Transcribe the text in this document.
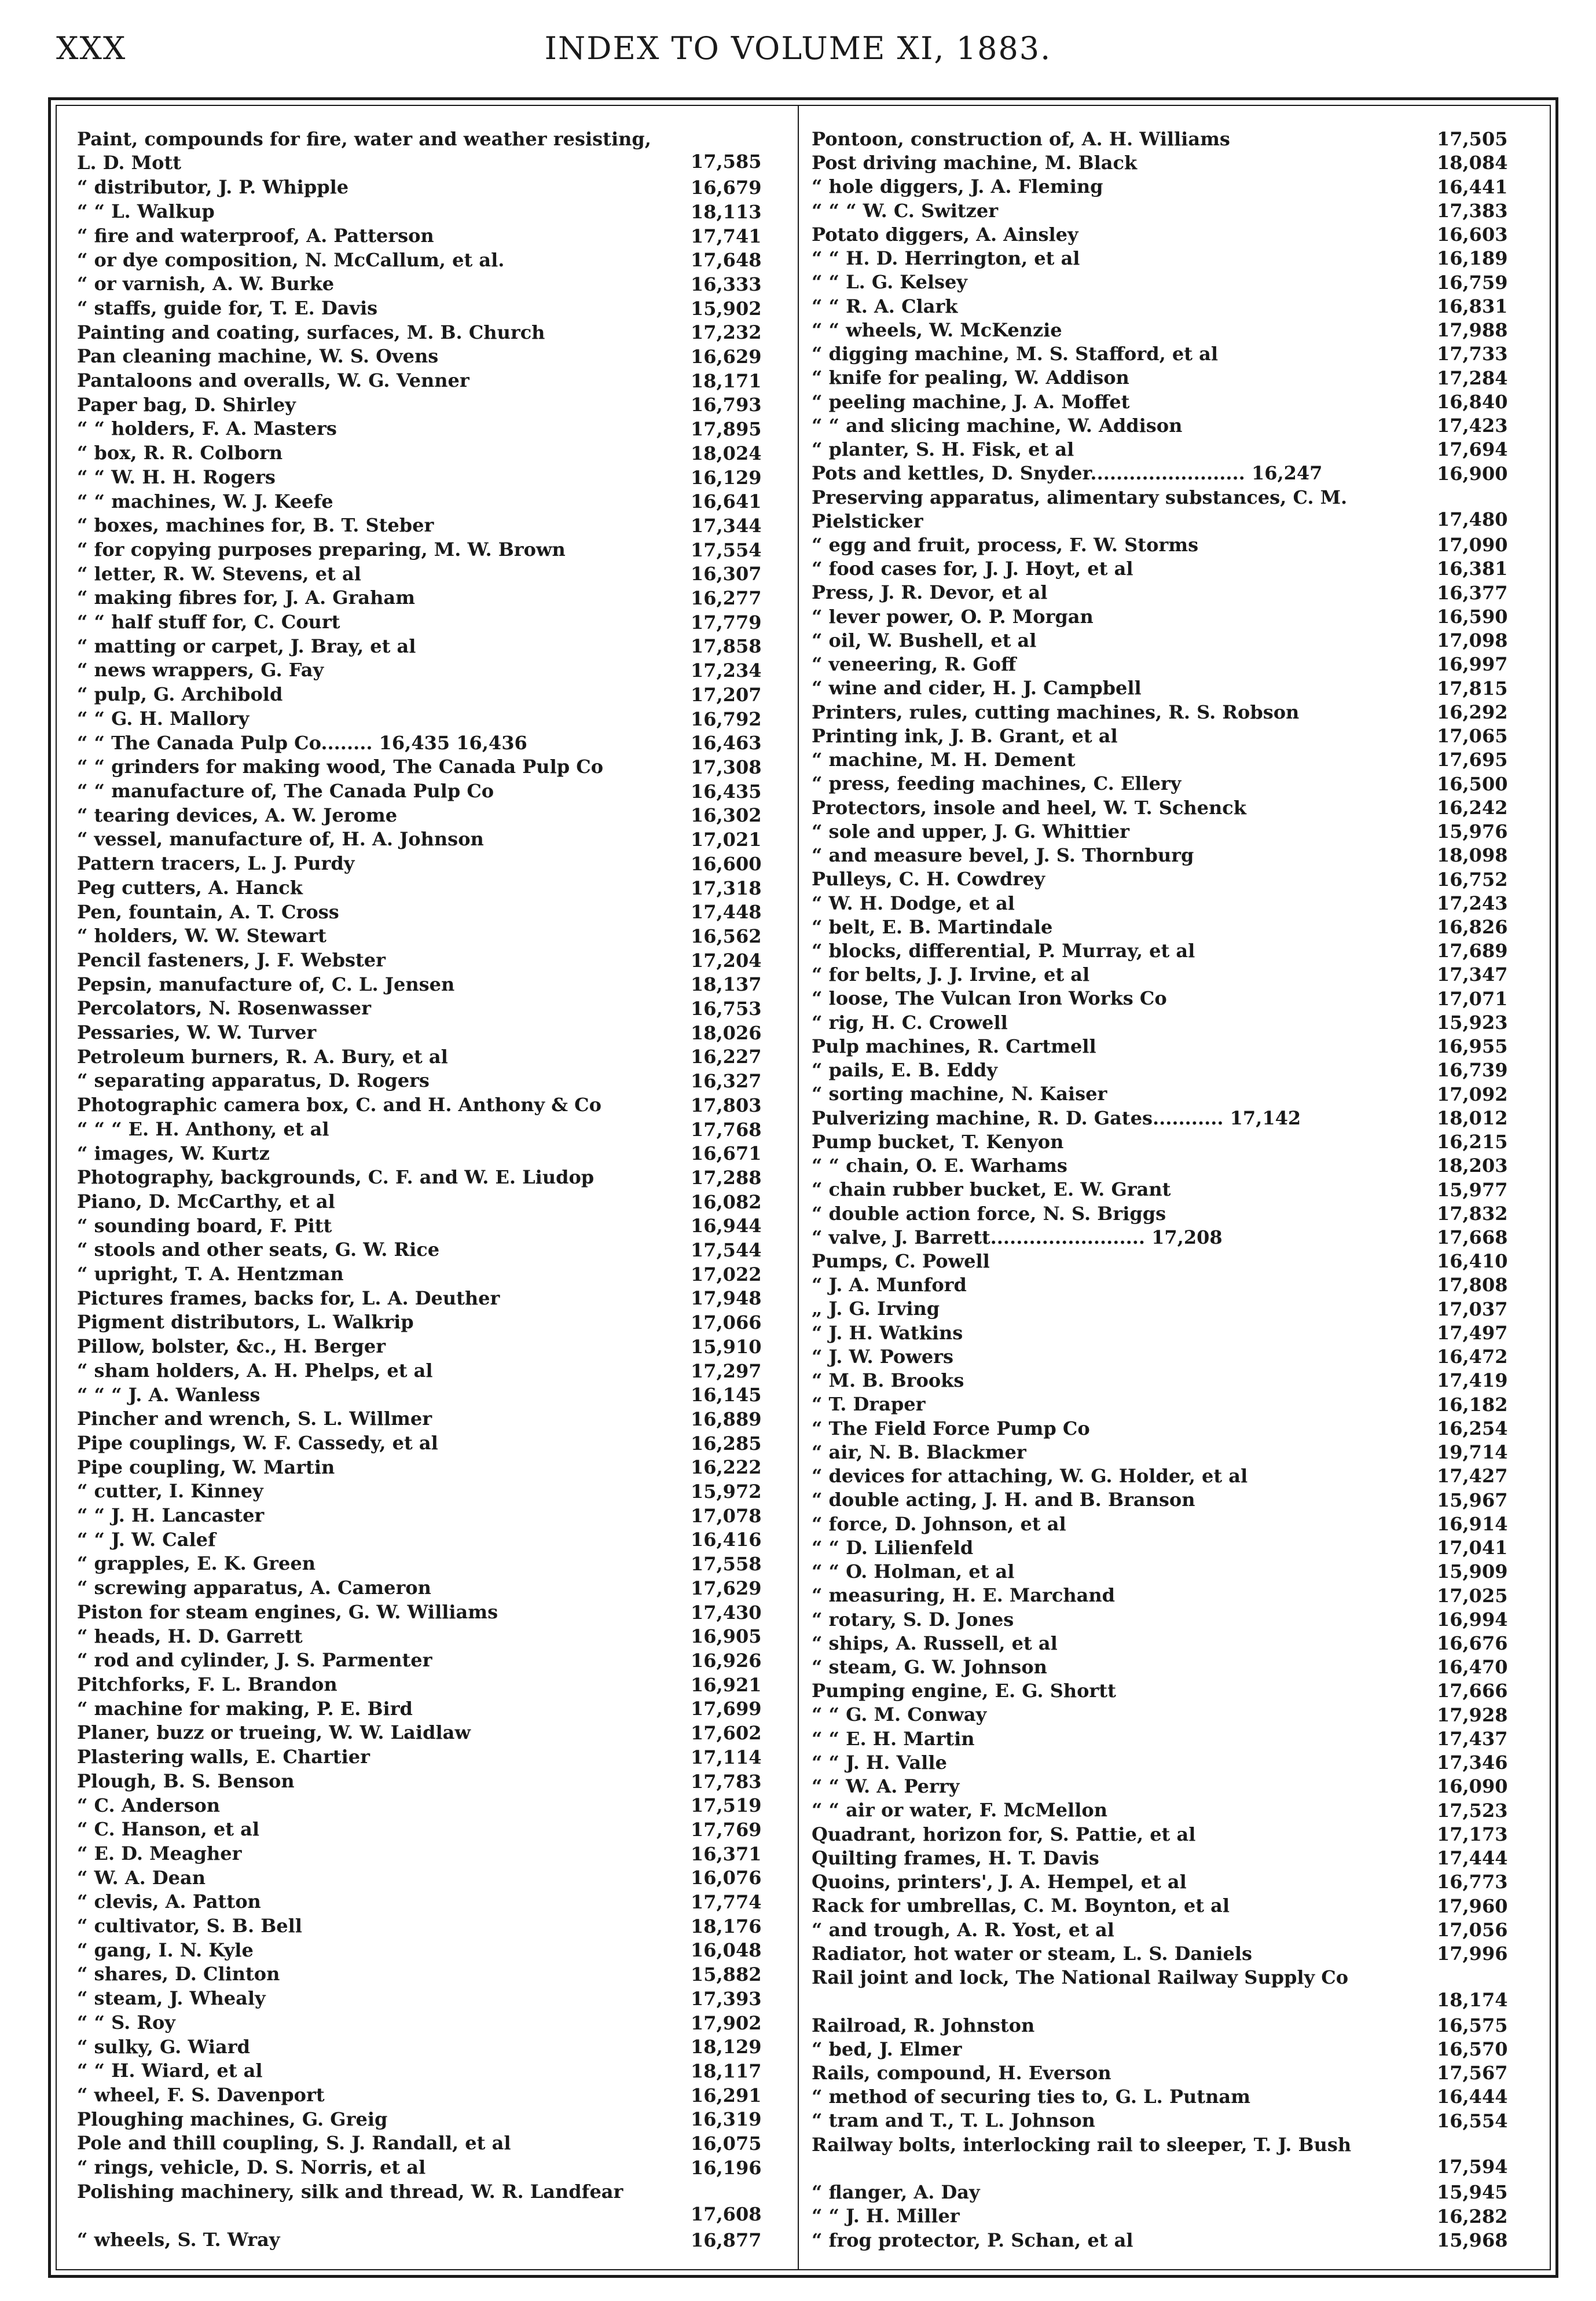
XXX	INDEX TO VOLUME XI, 1883.
Paint, compounds for fire, water and weather resisting, L. D. Mott	17,585
“ distributor, J. P. Whipple	16,679
“ “ L. Walkup	18,113
“ fire and waterproof, A. Patterson	17,741
“ or dye composition, N. McCallum, et al.	17,648
“ or varnish, A. W. Burke	16,333
“ staffs, guide for, T. E. Davis	15,902
Painting and coating, surfaces, M. B. Church	17,232
Pan cleaning machine, W. S. Ovens	16,629
Pantaloons and overalls, W. G. Venner	18,171
Paper bag, D. Shirley	16,793
“ “ holders, F. A. Masters	17,895
“ box, R. R. Colborn	18,024
“ “ W. H. H. Rogers	16,129
“ “ machines, W. J. Keefe	16,641
“ boxes, machines for, B. T. Steber	17,344
“ for copying purposes preparing, M. W. Brown	17,554
“ letter, R. W. Stevens, et al	16,307
“ making fibres for, J. A. Graham	16,277
“ “ half stuff for, C. Court	17,779
“ matting or carpet, J. Bray, et al	17,858
“ news wrappers, G. Fay	17,234
“ pulp, G. Archibold	17,207
“ “ G. H. Mallory	16,792
“ “ The Canada Pulp Co........ 16,435 16,436	16,463
“ “ grinders for making wood, The Canada Pulp Co	17,308
“ “ manufacture of, The Canada Pulp Co	16,435
“ tearing devices, A. W. Jerome	16,302
“ vessel, manufacture of, H. A. Johnson	17,021
Pattern tracers, L. J. Purdy	16,600
Peg cutters, A. Hanck	17,318
Pen, fountain, A. T. Cross	17,448
“ holders, W. W. Stewart	16,562
Pencil fasteners, J. F. Webster	17,204
Pepsin, manufacture of, C. L. Jensen	18,137
Percolators, N. Rosenwasser	16,753
Pessaries, W. W. Turver	18,026
Petroleum burners, R. A. Bury, et al	16,227
“ separating apparatus, D. Rogers	16,327
Photographic camera box, C. and H. Anthony & Co	17,803
“ “ “ E. H. Anthony, et al	17,768
“ images, W. Kurtz	16,671
Photography, backgrounds, C. F. and W. E. Liudop	17,288
Piano, D. McCarthy, et al	16,082
“ sounding board, F. Pitt	16,944
“ stools and other seats, G. W. Rice	17,544
“ upright, T. A. Hentzman	17,022
Pictures frames, backs for, L. A. Deuther	17,948
Pigment distributors, L. Walkrip	17,066
Pillow, bolster, &c., H. Berger	15,910
“ sham holders, A. H. Phelps, et al	17,297
“ “ “ J. A. Wanless	16,145
Pincher and wrench, S. L. Willmer	16,889
Pipe couplings, W. F. Cassedy, et al	16,285
Pipe coupling, W. Martin	16,222
“ cutter, I. Kinney	15,972
“ “ J. H. Lancaster	17,078
“ “ J. W. Calef	16,416
“ grapples, E. K. Green	17,558
“ screwing apparatus, A. Cameron	17,629
Piston for steam engines, G. W. Williams	17,430
“ heads, H. D. Garrett	16,905
“ rod and cylinder, J. S. Parmenter	16,926
Pitchforks, F. L. Brandon	16,921
“ machine for making, P. E. Bird	17,699
Planer, buzz or trueing, W. W. Laidlaw	17,602
Plastering walls, E. Chartier	17,114
Plough, B. S. Benson	17,783
“ C. Anderson	17,519
“ C. Hanson, et al	17,769
“ E. D. Meagher	16,371
“ W. A. Dean	16,076
“ clevis, A. Patton	17,774
“ cultivator, S. B. Bell	18,176
“ gang, I. N. Kyle	16,048
“ shares, D. Clinton	15,882
“ steam, J. Whealy	17,393
“ “ S. Roy	17,902
“ sulky, G. Wiard	18,129
“ “ H. Wiard, et al	18,117
“ wheel, F. S. Davenport	16,291
Ploughing machines, G. Greig	16,319
Pole and thill coupling, S. J. Randall, et al	16,075
“ rings, vehicle, D. S. Norris, et al	16,196
Polishing machinery, silk and thread, W. R. Landfear
17,608
“ wheels, S. T. Wray	16,877
Pontoon, construction of, A. H. Williams	17,505
Post driving machine, M. Black	18,084
“ hole diggers, J. A. Fleming	16,441
“ “ “ W. C. Switzer	17,383
Potato diggers, A. Ainsley	16,603
“ “ H. D. Herrington, et al	16,189
“ “ L. G. Kelsey	16,759
“ “ R. A. Clark	16,831
“ “ wheels, W. McKenzie	17,988
“ digging machine, M. S. Stafford, et al	17,733
“ knife for pealing, W. Addison	17,284
“ peeling machine, J. A. Moffet	16,840
“ “ and slicing machine, W. Addison	17,423
“ planter, S. H. Fisk, et al	17,694
Pots and kettles, D. Snyder........................ 16,247	16,900
Preserving apparatus, alimentary substances, C. M. Pielsticker	17,480
“ egg and fruit, process, F. W. Storms	17,090
“ food cases for, J. J. Hoyt, et al	16,381
Press, J. R. Devor, et al	16,377
“ lever power, O. P. Morgan	16,590
“ oil, W. Bushell, et al	17,098
“ veneering, R. Goff	16,997
“ wine and cider, H. J. Campbell	17,815
Printers, rules, cutting machines, R. S. Robson	16,292
Printing ink, J. B. Grant, et al	17,065
“ machine, M. H. Dement	17,695
“ press, feeding machines, C. Ellery	16,500
Protectors, insole and heel, W. T. Schenck	16,242
“ sole and upper, J. G. Whittier	15,976
“ and measure bevel, J. S. Thornburg	18,098
Pulleys, C. H. Cowdrey	16,752
“ W. H. Dodge, et al	17,243
“ belt, E. B. Martindale	16,826
“ blocks, differential, P. Murray, et al	17,689
“ for belts, J. J. Irvine, et al	17,347
“ loose, The Vulcan Iron Works Co	17,071
“ rig, H. C. Crowell	15,923
Pulp machines, R. Cartmell	16,955
“ pails, E. B. Eddy	16,739
“ sorting machine, N. Kaiser	17,092
Pulverizing machine, R. D. Gates........... 17,142	18,012
Pump bucket, T. Kenyon	16,215
“ “ chain, O. E. Warhams	18,203
“ chain rubber bucket, E. W. Grant	15,977
“ double action force, N. S. Briggs	17,832
“ valve, J. Barrett........................ 17,208	17,668
Pumps, C. Powell	16,410
“ J. A. Munford	17,808
„ J. G. Irving	17,037
“ J. H. Watkins	17,497
“ J. W. Powers	16,472
“ M. B. Brooks	17,419
“ T. Draper	16,182
“ The Field Force Pump Co	16,254
“ air, N. B. Blackmer	19,714
“ devices for attaching, W. G. Holder, et al	17,427
“ double acting, J. H. and B. Branson	15,967
“ force, D. Johnson, et al	16,914
“ “ D. Lilienfeld	17,041
“ “ O. Holman, et al	15,909
“ measuring, H. E. Marchand	17,025
“ rotary, S. D. Jones	16,994
“ ships, A. Russell, et al	16,676
“ steam, G. W. Johnson	16,470
Pumping engine, E. G. Shortt	17,666
“ “ G. M. Conway	17,928
“ “ E. H. Martin	17,437
“ “ J. H. Valle	17,346
“ “ W. A. Perry	16,090
“ “ air or water, F. McMellon	17,523
Quadrant, horizon for, S. Pattie, et al	17,173
Quilting frames, H. T. Davis	17,444
Quoins, printers', J. A. Hempel, et al	16,773
Rack for umbrellas, C. M. Boynton, et al	17,960
“ and trough, A. R. Yost, et al	17,056
Radiator, hot water or steam, L. S. Daniels	17,996
Rail joint and lock, The National Railway Supply Co
18,174
Railroad, R. Johnston	16,575
“ bed, J. Elmer	16,570
Rails, compound, H. Everson	17,567
“ method of securing ties to, G. L. Putnam	16,444
“ tram and T., T. L. Johnson	16,554
Railway bolts, interlocking rail to sleeper, T. J. Bush
17,594
“ flanger, A. Day	15,945
“ “ J. H. Miller	16,282
“ frog protector, P. Schan, et al	15,968
